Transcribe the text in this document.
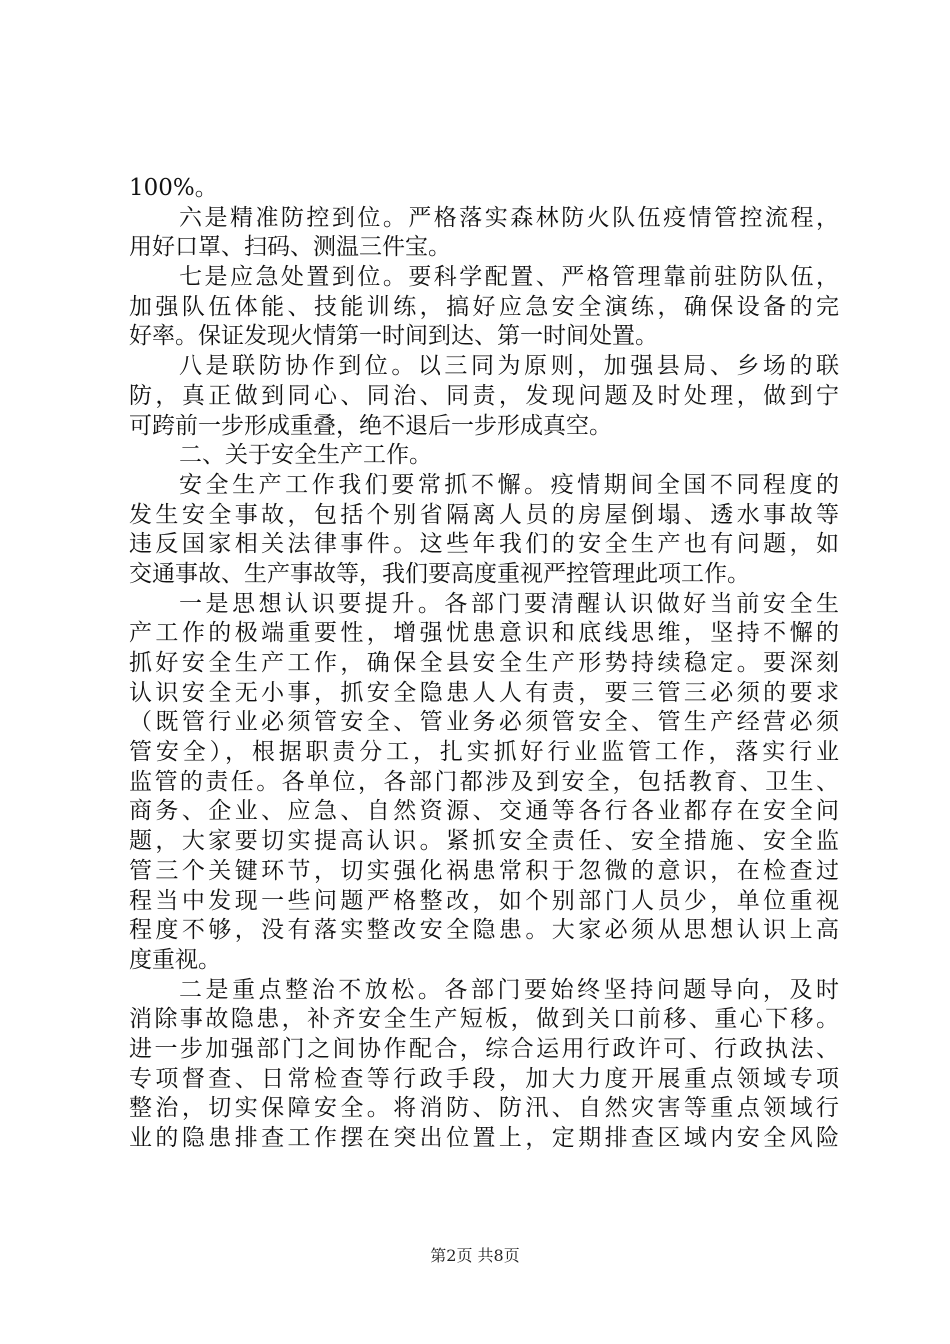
100%。
六是精准防控到位。严格落实森林防火队伍疫情管控流程，
用好口罩、扫码、测温三件宝。
七是应急处置到位。要科学配置、严格管理靠前驻防队伍，
加强队伍体能、技能训练，搞好应急安全演练，确保设备的完
好率。保证发现火情第一时间到达、第一时间处置。
八是联防协作到位。以三同为原则，加强县局、乡场的联
防，真正做到同心、同治、同责，发现问题及时处理，做到宁
可跨前一步形成重叠，绝不退后一步形成真空。
二、关于安全生产工作。
安全生产工作我们要常抓不懈。疫情期间全国不同程度的
发生安全事故，包括个别省隔离人员的房屋倒塌、透水事故等
违反国家相关法律事件。这些年我们的安全生产也有问题，如
交通事故、生产事故等，我们要高度重视严控管理此项工作。
一是思想认识要提升。各部门要清醒认识做好当前安全生
产工作的极端重要性，增强忧患意识和底线思维，坚持不懈的
抓好安全生产工作，确保全县安全生产形势持续稳定。要深刻
认识安全无小事，抓安全隐患人人有责，要三管三必须的要求
（既管行业必须管安全、管业务必须管安全、管生产经营必须
管安全），根据职责分工，扎实抓好行业监管工作，落实行业
监管的责任。各单位，各部门都涉及到安全，包括教育、卫生、
商务、企业、应急、自然资源、交通等各行各业都存在安全问
题，大家要切实提高认识。紧抓安全责任、安全措施、安全监
管三个关键环节，切实强化祸患常积于忽微的意识，在检查过
程当中发现一些问题严格整改，如个别部门人员少，单位重视
程度不够，没有落实整改安全隐患。大家必须从思想认识上高
度重视。
二是重点整治不放松。各部门要始终坚持问题导向，及时
消除事故隐患，补齐安全生产短板，做到关口前移、重心下移。
进一步加强部门之间协作配合，综合运用行政许可、行政执法、
专项督查、日常检查等行政手段，加大力度开展重点领域专项
整治，切实保障安全。将消防、防汛、自然灾害等重点领域行
业的隐患排查工作摆在突出位置上，定期排查区域内安全风险
第2页 共8页
